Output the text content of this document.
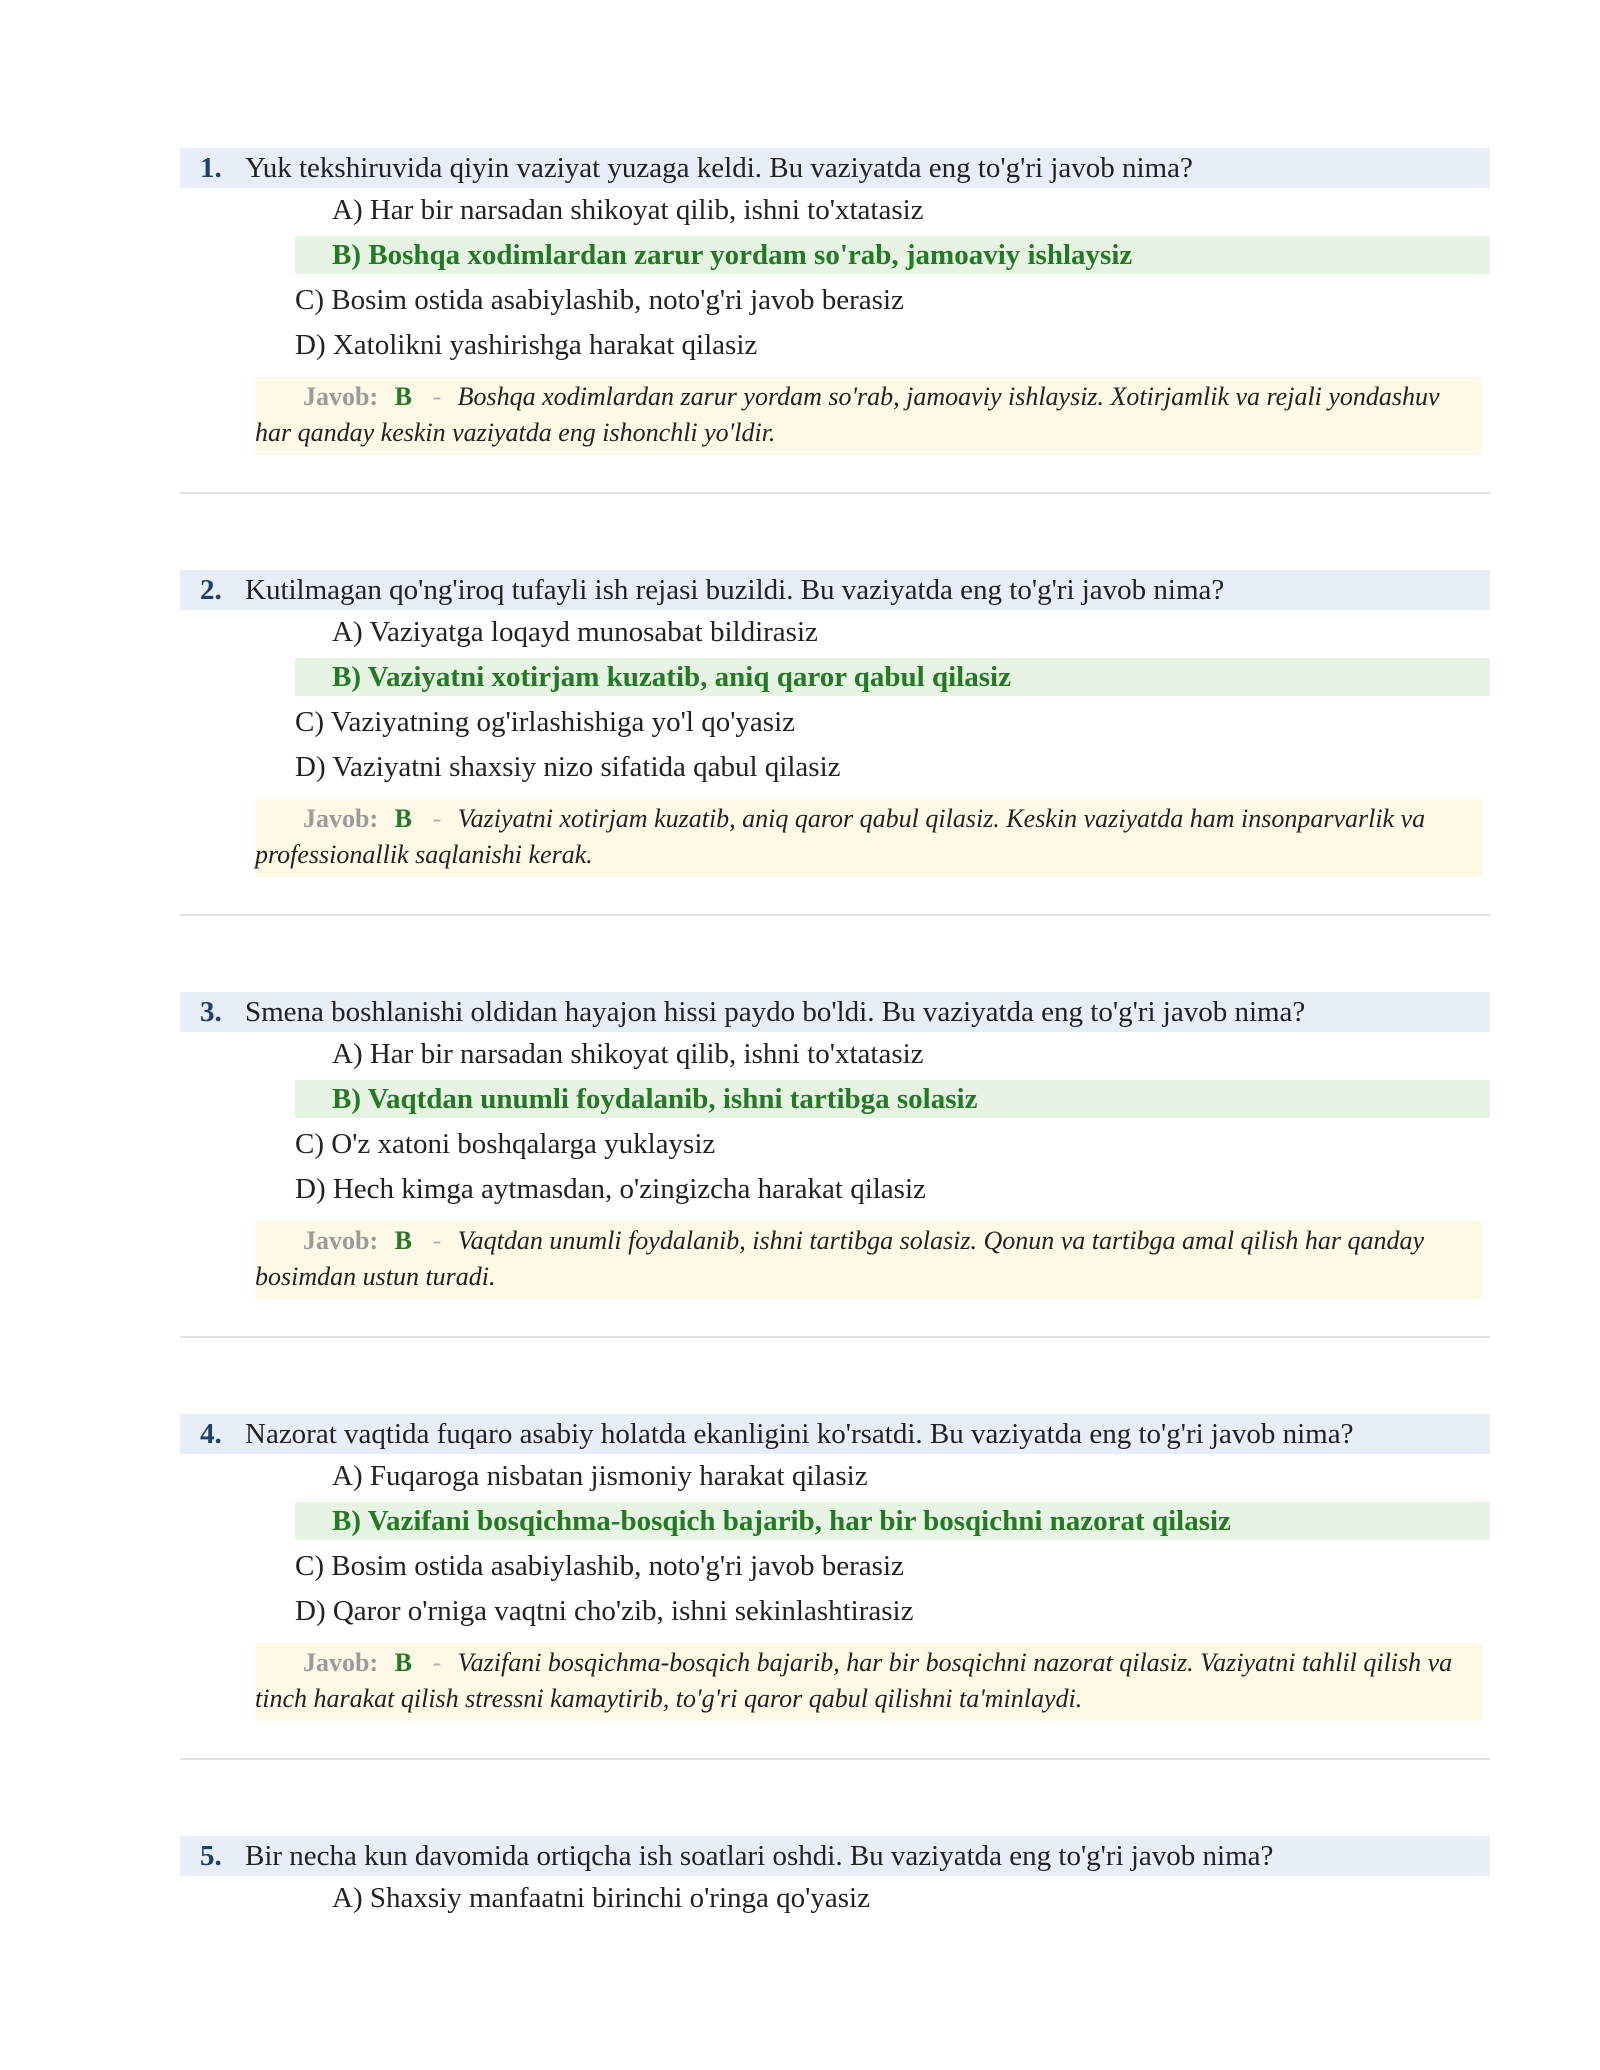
1. Yuk tekshiruvida qiyin vaziyat yuzaga keldi. Bu vaziyatda eng to'g'ri javob nima?
A) Har bir narsadan shikoyat qilib, ishni to'xtatasiz
B) Boshqa xodimlardan zarur yordam so'rab, jamoaviy ishlaysiz
C) Bosim ostida asabiylashib, noto'g'ri javob berasiz
D) Xatolikni yashirishga harakat qilasiz
Javob: B - Boshqa xodimlardan zarur yordam so'rab, jamoaviy ishlaysiz. Xotirjamlik va rejali yondashuv har qanday keskin vaziyatda eng ishonchli yo'ldir.
2. Kutilmagan qo'ng'iroq tufayli ish rejasi buzildi. Bu vaziyatda eng to'g'ri javob nima?
A) Vaziyatga loqayd munosabat bildirasiz
B) Vaziyatni xotirjam kuzatib, aniq qaror qabul qilasiz
C) Vaziyatning og'irlashishiga yo'l qo'yasiz
D) Vaziyatni shaxsiy nizo sifatida qabul qilasiz
Javob: B - Vaziyatni xotirjam kuzatib, aniq qaror qabul qilasiz. Keskin vaziyatda ham insonparvarlik va professionallik saqlanishi kerak.
3. Smena boshlanishi oldidan hayajon hissi paydo bo'ldi. Bu vaziyatda eng to'g'ri javob nima?
A) Har bir narsadan shikoyat qilib, ishni to'xtatasiz
B) Vaqtdan unumli foydalanib, ishni tartibga solasiz
C) O'z xatoni boshqalarga yuklaysiz
D) Hech kimga aytmasdan, o'zingizcha harakat qilasiz
Javob: B - Vaqtdan unumli foydalanib, ishni tartibga solasiz. Qonun va tartibga amal qilish har qanday bosimdan ustun turadi.
4. Nazorat vaqtida fuqaro asabiy holatda ekanligini ko'rsatdi. Bu vaziyatda eng to'g'ri javob nima?
A) Fuqaroga nisbatan jismoniy harakat qilasiz
B) Vazifani bosqichma-bosqich bajarib, har bir bosqichni nazorat qilasiz
C) Bosim ostida asabiylashib, noto'g'ri javob berasiz
D) Qaror o'rniga vaqtni cho'zib, ishni sekinlashtirasiz
Javob: B - Vazifani bosqichma-bosqich bajarib, har bir bosqichni nazorat qilasiz. Vaziyatni tahlil qilish va tinch harakat qilish stressni kamaytirib, to'g'ri qaror qabul qilishni ta'minlaydi.
5. Bir necha kun davomida ortiqcha ish soatlari oshdi. Bu vaziyatda eng to'g'ri javob nima?
A) Shaxsiy manfaatni birinchi o'ringa qo'yasiz
